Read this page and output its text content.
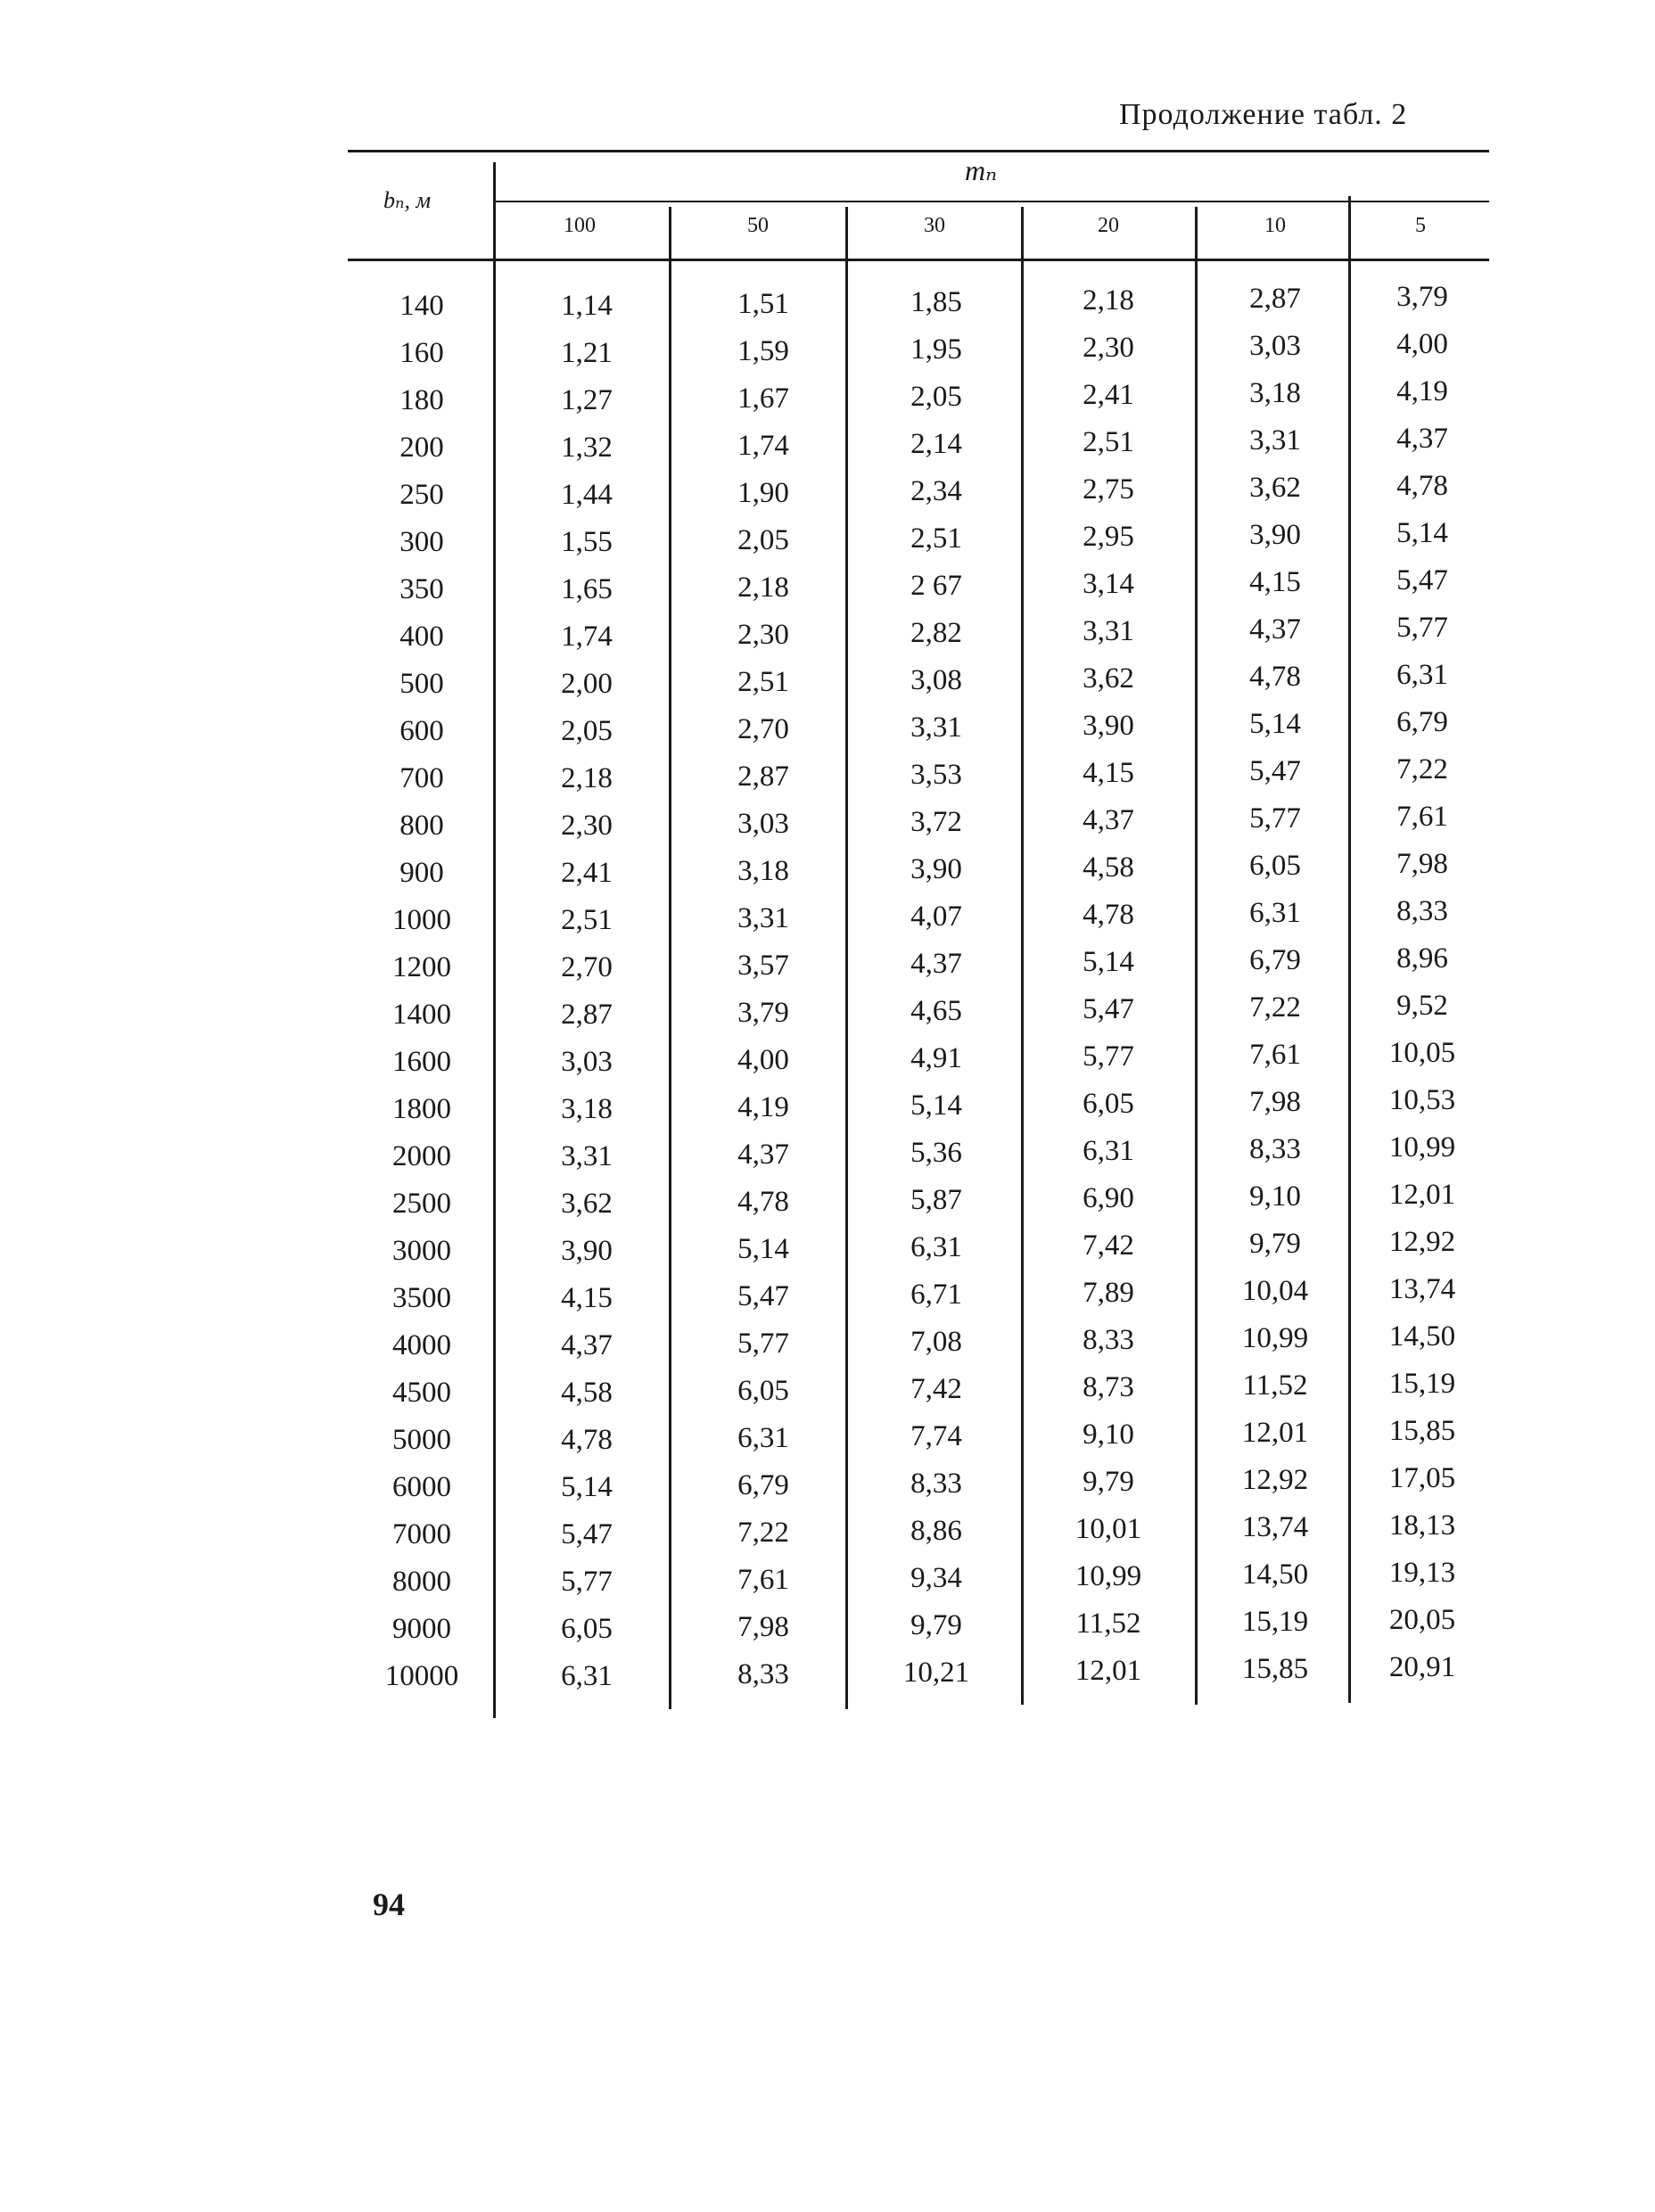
Продолжение табл. 2
bₙ, м
mₙ
100	50	30	20	10	5
140	1,14	1,51	1,85	2,18	2,87	3,79
160	1,21	1,59	1,95	2,30	3,03	4,00
180	1,27	1,67	2,05	2,41	3,18	4,19
200	1,32	1,74	2,14	2,51	3,31	4,37
250	1,44	1,90	2,34	2,75	3,62	4,78
300	1,55	2,05	2,51	2,95	3,90	5,14
350	1,65	2,18	2 67	3,14	4,15	5,47
400	1,74	2,30	2,82	3,31	4,37	5,77
500	2,00	2,51	3,08	3,62	4,78	6,31
600	2,05	2,70	3,31	3,90	5,14	6,79
700	2,18	2,87	3,53	4,15	5,47	7,22
800	2,30	3,03	3,72	4,37	5,77	7,61
900	2,41	3,18	3,90	4,58	6,05	7,98
1000	2,51	3,31	4,07	4,78	6,31	8,33
1200	2,70	3,57	4,37	5,14	6,79	8,96
1400	2,87	3,79	4,65	5,47	7,22	9,52
1600	3,03	4,00	4,91	5,77	7,61	10,05
1800	3,18	4,19	5,14	6,05	7,98	10,53
2000	3,31	4,37	5,36	6,31	8,33	10,99
2500	3,62	4,78	5,87	6,90	9,10	12,01
3000	3,90	5,14	6,31	7,42	9,79	12,92
3500	4,15	5,47	6,71	7,89	10,04	13,74
4000	4,37	5,77	7,08	8,33	10,99	14,50
4500	4,58	6,05	7,42	8,73	11,52	15,19
5000	4,78	6,31	7,74	9,10	12,01	15,85
6000	5,14	6,79	8,33	9,79	12,92	17,05
7000	5,47	7,22	8,86	10,01	13,74	18,13
8000	5,77	7,61	9,34	10,99	14,50	19,13
9000	6,05	7,98	9,79	11,52	15,19	20,05
10000	6,31	8,33	10,21	12,01	15,85	20,91
94
